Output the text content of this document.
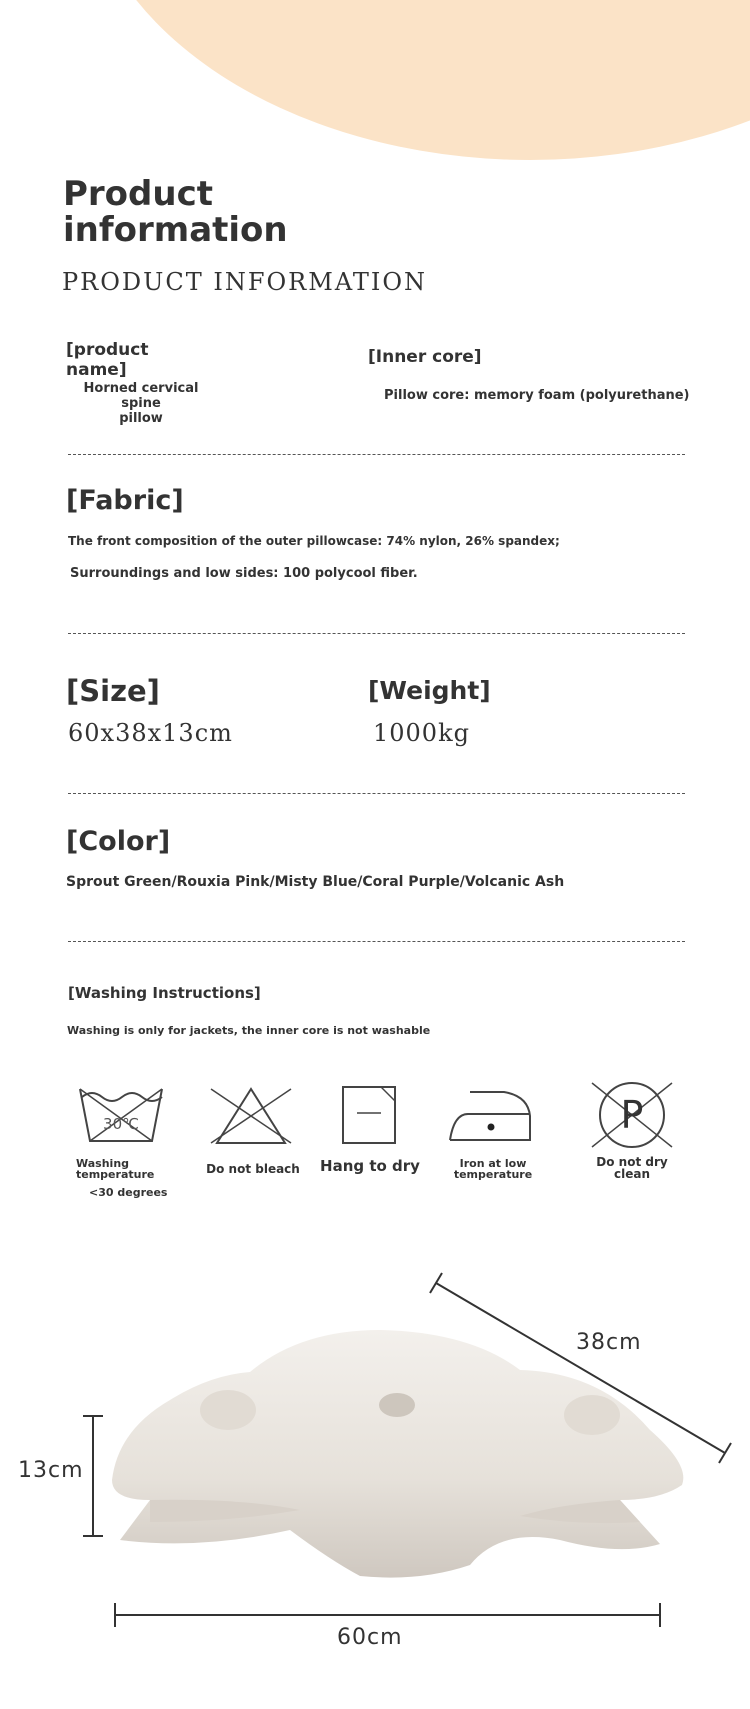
Product
information
PRODUCT INFORMATION
[product
name]
Horned cervical spine
pillow
[Inner core]
Pillow core: memory foam (polyurethane)
[Fabric]
The front composition of the outer pillowcase: 74% nylon, 26% spandex;
Surroundings and low sides: 100 polycool fiber.
[Size]
60x38x13cm
[Weight]
1000kg
[Color]
Sprout Green/Rouxia Pink/Misty Blue/Coral Purple/Volcanic Ash
[Washing Instructions]
Washing is only for jackets, the inner core is not washable
30℃
Washing
temperature
<30 degrees
Do not bleach Hang to dry	Iron at low
temperature
P
Do not dry
clean
38cm
13cm
60cm
